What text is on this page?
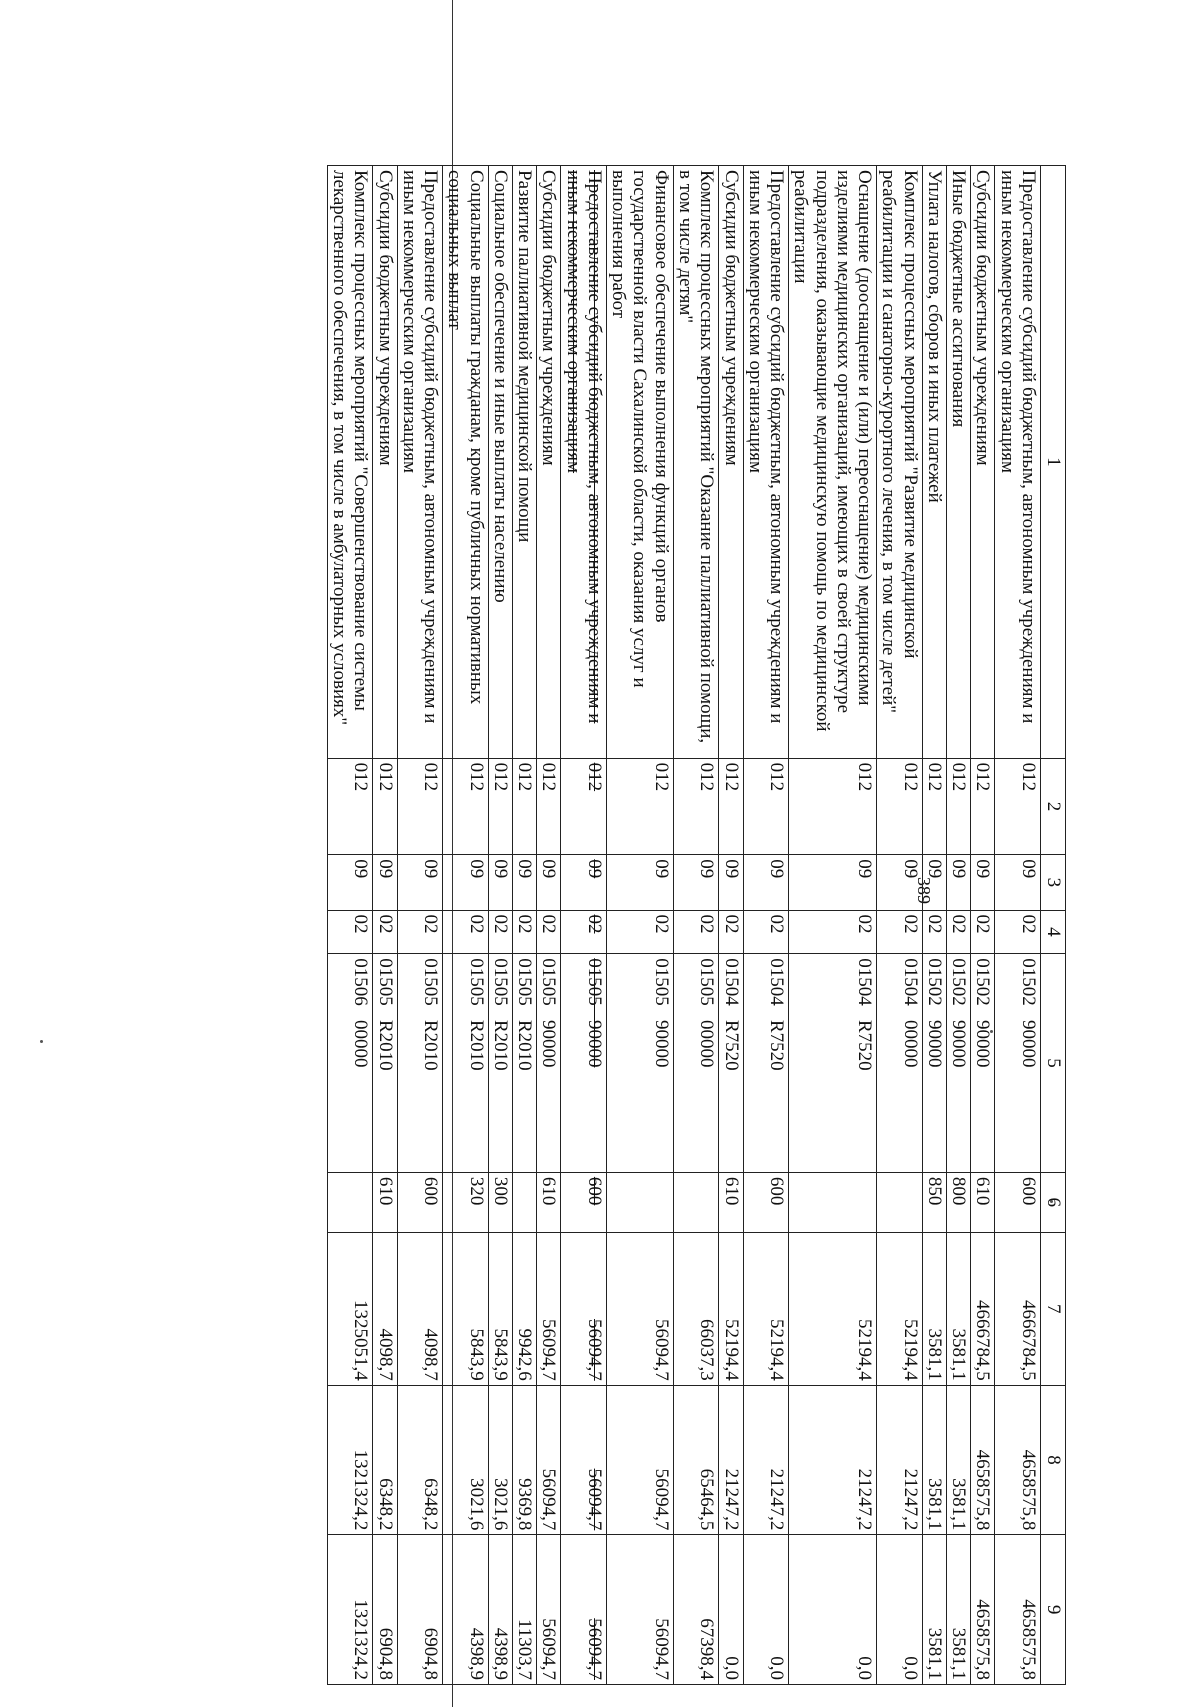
389
1	2	3	4	5	6	7	8	9
Предоставление субсидий бюджетным, автономным учреждениям и иным некоммерческим организациям	012	09	02	01502   90000	600	4666784,5	4658575,8	4658575,8
Субсидии бюджетным учреждениям	012	09	02	01502   90000	610	4666784,5	4658575,8	4658575,8
Иные бюджетные ассигнования	012	09	02	01502   90000	800	3581,1	3581,1	3581,1
Уплата налогов, сборов и иных платежей	012	09	02	01502   90000	850	3581,1	3581,1	3581,1
Комплекс процессных мероприятий "Развитие медицинской реабилитации и санаторно-курортного лечения, в том числе детей"	012	09	02	01504   00000		52194,4	21247,2	0,0
Оснащение (дооснащение и (или) переоснащение) медицинскими изделиями медицинских организаций, имеющих в своей структуре подразделения, оказывающие медицинскую помощь по медицинской реабилитации	012	09	02	01504   R7520		52194,4	21247,2	0,0
Предоставление субсидий бюджетным, автономным учреждениям и иным некоммерческим организациям	012	09	02	01504   R7520	600	52194,4	21247,2	0,0
Субсидии бюджетным учреждениям	012	09	02	01504   R7520	610	52194,4	21247,2	0,0
Комплекс процессных мероприятий "Оказание паллиативной помощи, в том числе детям"	012	09	02	01505   00000		66037,3	65464,5	67398,4
Финансовое обеспечение выполнения функций органов государственной власти Сахалинской области, оказания услуг и выполнения работ	012	09	02	01505   90000		56094,7	56094,7	56094,7
Предоставление субсидий бюджетным, автономным учреждениям и иным некоммерческим организациям	012	09	02	01505   90000	600	56094,7	56094,7	56094,7
Субсидии бюджетным учреждениям	012	09	02	01505   90000	610	56094,7	56094,7	56094,7
Развитие паллиативной медицинской помощи	012	09	02	01505   R2010		9942,6	9369,8	11303,7
Социальное обеспечение и иные выплаты населению	012	09	02	01505   R2010	300	5843,9	3021,6	4398,9
Социальные выплаты гражданам, кроме публичных нормативных социальных выплат	012	09	02	01505   R2010	320	5843,9	3021,6	4398,9
Предоставление субсидий бюджетным, автономным учреждениям и иным некоммерческим организациям	012	09	02	01505   R2010	600	4098,7	6348,2	6904,8
Субсидии бюджетным учреждениям	012	09	02	01505   R2010	610	4098,7	6348,2	6904,8
Комплекс процессных мероприятий "Совершенствование системы лекарственного обеспечения, в том числе в амбулаторных условиях"	012	09	02	01506   00000		1325051,4	1321324,2	1321324,2
